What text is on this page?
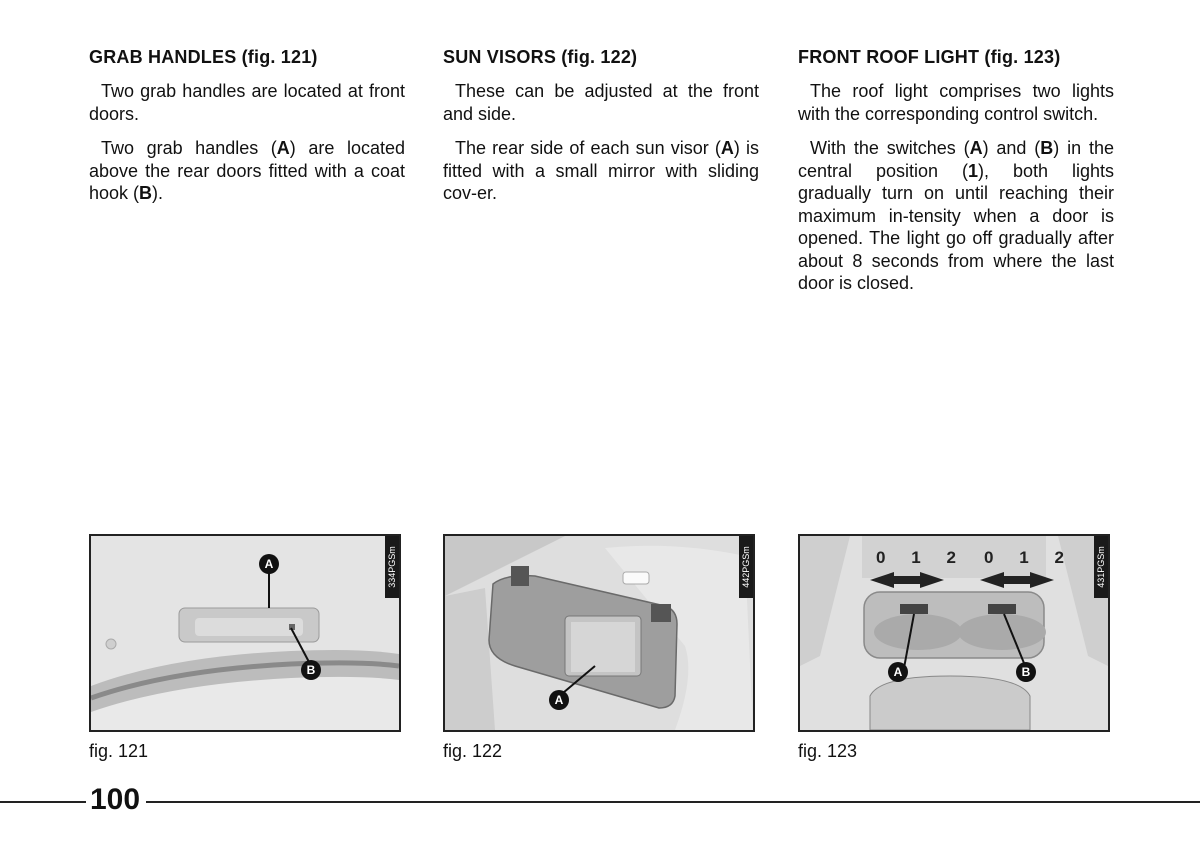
GRAB HANDLES (fig. 121)

Two grab handles are located at front doors.

Two grab handles (A) are located above the rear doors fitted with a coat hook (B).

SUN VISORS (fig. 122)

These can be adjusted at the front and side.

The rear side of each sun visor (A) is fitted with a small mirror with sliding cov-er.

FRONT ROOF LIGHT (fig. 123)

The roof light comprises two lights with the corresponding control switch.

With the switches (A) and (B) in the central position (1), both lights gradually turn on until reaching their maximum in-tensity when a door is opened. The light go off gradually after about 8 seconds from where the last door is closed.

A
B
334PGSm
A
442PGSm	0 1 2 0 1 2
A	B
431PGSm
fig. 121	fig. 122	fig. 123
100
